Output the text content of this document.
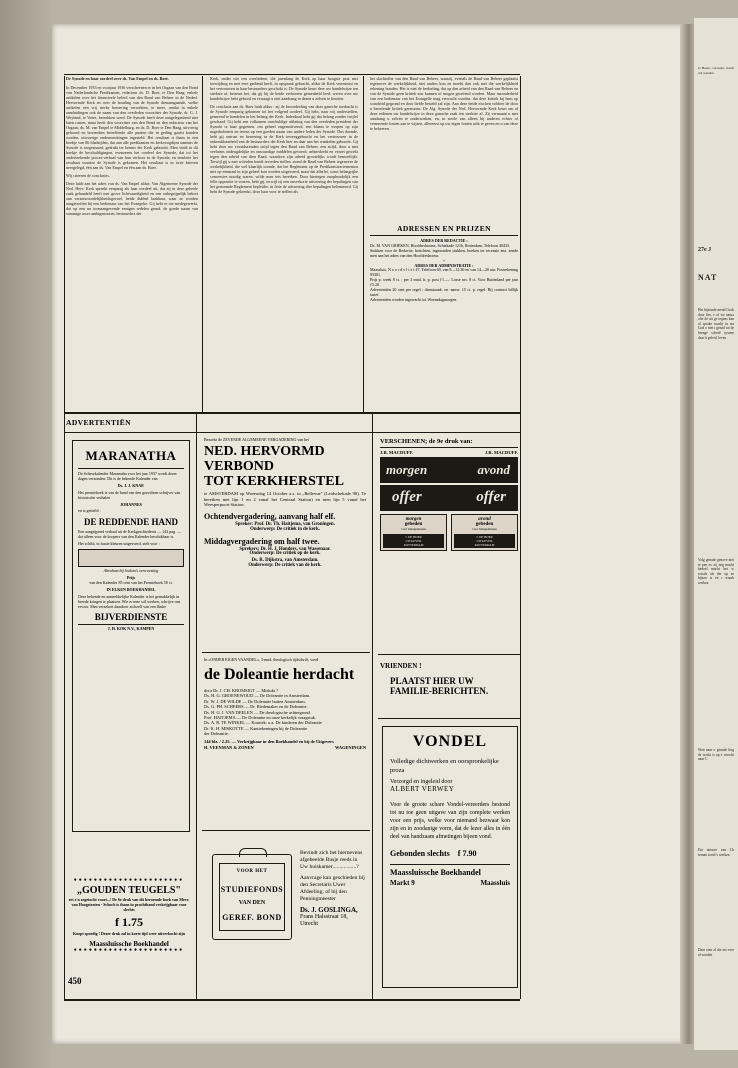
De Synode en haar oordeel over ds. Van Empel en ds. Boer.
In December 1935 en voorjaar 1936 verscheenen er in het Orgaan van den Bond van Nederlandsche Predikanten, redacteur ds. D. Boer, te Den Haag, enkele artikelen over het financieele beleid van den Raad van Beheer in de Nederl. Hervormde Kerk en over de houding van de Synode dienaangaande, welke artikelen een vrij sterke beroering verwekten, te meer, omdat in enkele aanduidingen ook de naam van den overleden voorzitter der Synode, dr. G. J. Weyland, te Veere, betrokken werd. De Synode heeft deze aangelegenheid niet laten rusten, maar heeft den voorzitter van den Bond en den redacteur van het Orgaan, ds. M. van Empel te Middelburg, en ds. D. Boer te Den Haag, uitvoerig gehoord en bovendien betreffende alle punten die in geding gaafst konden worden, uitvoerige ondermeokingen ingesteld. Het resultaat is thans in een boekje van 86 bladzijden, dat aan alle predikanten en kerkvoogdijen namens de Synode is toegestuurd, gedrukt ter kennis der Kerk gebracht. Men vindt in dit boekje de beschuldigingen, evenzeens het oordeel der Synode, dat tot het onderteekende proces-verbaal van hun verhoor in de Synode, en tenslotte het resultaat waartoe de Synode is gekomen. Het resultaat is in twee brieven neergelegd, één aan ds. Van Empel en één aan ds. Boer.
Wij citeeren de conclusies.
Deze luidt aan het adres van ds. Van Empel aldus: Van Algemeene Synode der Ned. Herv. Kerk spreekt eenparig als haar oordeel uit, dat zij in dere geheele zaak gehandeld heeft met grove lichtvaardigheid en een onbegrijpelijk bekort aan verantwoordelijkheidsgevoel, beide dubbel laakbaar, waar ze worden aangetroffen bij een bedienaar van het Evangelie. Gij hebt er toe medegewerkt, dat op een nu toonaangevende eenigen redelen grond, de goede naam van sommige uwer ambtgenooten, bestuurders der
Kerk, onder wie een overledene, die jarenlang de Kerk op haar hoogste post met toewijding en met eere gediend heeft, in opspraak gebracht, aldus de Kerk verontrust en het vertrouwen in haar bestuurders geschokt is. De Synode keurt dere uw handelwijze ten sterkste af, betreurt het, dat gij bij de beide verhooren gemeubeld leed: weren over uw handelwijze hebt gebood en verraagt u niet aandrang in dezen u zelven te herzien.
De conclusie aan ds. Boer luidt aldus : zij de beoordeeling van deze ganeche toedracht is de Synode eenparig gekomen tot het volgend oordeel. Gij hebt, naar wij onderstellen, gemeend te handelen in het belang der Kerk. Inderdaad hebt gij dat belang zonder twijfel geschaad. Gij hebt een volkomen onschuldige uitlating van den overleden president der Synode te haar gegrenen, om geheel ongemotiveerd, een blaam te werpen op zijn nagedachtenis en terens op een goeden naam van andere leden der Synode. Dus doende, hebt gij ontrust en beroering in de Kerk teweeggebracht en het vertrouwen in de onkreukbaarheid van de bestuurders der Kerk hier en daar aan het wankelen gebracht. Gij hebt door uw voortdurenden strijd tegen den Raad van Beheer, een strijd, door u met veelaims ondeugdelijke en onwaardige middelen gevoerd, aehterdoeht en verzet gewekt tegen den arbeid van dien Raad, waardoor zijn arbeid grootelijks wordt bemoeilijkt. Terwijl gij u met wöórden kondt tevreden stellen, stond de Raad van Beheer tegenover de werkelijkheid, die wel klaarlijk toonde, dat het Reglement op de Predikantstractementen niet op eenmaal in zijn geheel kon worden uitgevoerd, maar dat allerlei, soms belangrijke conoessies noodig waren, wilde men iets bereiken. Door hiertegen onophoudelijk een felle oppositie te voeren, hebt gij, terwijl zij een onverkorte uitvoering der bepalingen van het genoemde Reglement bepleitbe, in feite de uitvoering dier bepalingen belemmerd. Gij hebt de Synode gekrenkt, door haar voor te stellen als
het slachtoffer van den Raad van Beheer, waarzij, evenals de Raad van Beheer geplaatst tegenover de werkelijkheid, niet anders kon en moeht dan ook met die werkelijkheid rekening houden. Het is niet de bedoeling, dat op den arbeid van den Raad van Beheer en van de Synode geen kritiek zou kunnen of mogen geoefend worden. Maar inzonderheid van een bedienaar van het Evangelie mag verwacht worden, dat dere kritiek bij hem op waarheid gegrond en door liefde besteld zal zijn. Aan deze beide eischen voldoet de door u beoefende kritiek geenszins. De Alg. Synode der Ned. Hervormde Kerk keurt om al deze redenen uw handelwijze in deze ganache zaak ten sterkste af. Zij vermaant u met aandrang u zelven te onderzoeken, en, in steele van alleen bij anderen echter of vermeende fouten aan te wijzen, allereerst op uw eigen fouten acht te geven en u van deze te bekeeren.
ADRESSEN EN PRIJZEN
ADRES DER REDACTIE :
Ds. M. VAN GRIEKEN, Hoofdredacteur, Schiekade 121b, Rotterdam, Telefoon 40433.
Stukken voor de Redactie, berichten, ingezonden stukken, boeken ter recensie enz. zende men aan het adres van den Hoofdredacteur.
+
ADRES DER ADMINISTRATIE :
Maassluis, N o o r d v l i e t 47, Telefoon 69, van 8—12.30 en van 14—20 uur. Postrekening 93301.
Prijs p. week 8 ct. ; per 3 mnd. fr. p. post ƒ1.—. Losse nrs. 8 ct. Voor Buitenland per jaar ƒ5.20.
Advertentiën 20 cent per regel ; dienstaanb. en -aanvr. 15 ct. p. regel. Bij contract billijk tarief.
Advertentiën worden ingewacht tot Woensdagmorgen.
ADVERTENTIËN
MARANATHA
De Scheurkalender Maranatha voor het jaar 1937 wordt dezer dagen verzonden. Dit is de bekende Kalender van
Ds. J. J. KNAP.
Het premieboek is van de hand van den gezochten schrijver van historische verhalen
JOHANNES
en is getiteld :
DE REDDENDE HAND
Een aangrijpend verhaal uit de Kerkgeschiedenis — 142 pag. — dat alleen voor de koopers van den Kalender beschikbaar is.
Het schild, in fraaie kleuren uitgevoerd, stelt voor :
Abraham bij Sodom's verwoesting
Prijs
van den Kalender 85 cent van het Premieboek 50 ct.
IN ELKEN BOEKHANDEL
Deze bekende en aantrekkelijke Kalender is het gemakkelijk in breede kringen te plaatsen. Wie er mee wil werken, schrijve ons ervoor. Men verzekert daardoor zichzelf van een flinke
BIJVERDIENSTE
J. H. KOK N.V., KAMPEN
●●●●●●●●●●●●●●●●●●●●●●
„GOUDEN TEUGELS"
zet z'n zegetocht voort...! De 6e druk van dit beroemde boek van Mevr. van Hoogstraten - Schoch is thans in prachtband verkrijgbaar voor slechts
f 1.75
Koopt spoedig ! Dezer druk zal in korte tijd weer uitverkocht zijn
Maassluissche Boekhandel
●●●●●●●●●●●●●●●●●●●●●●
450
Bezoekt de ZEVENDE ALGEMEENE VERGADERING van het
NED. HERVORMD VERBOND
TOT KERKHERSTEL
te AMSTERDAM op Woensdag 14 October a.s. in „Bellevue" (Leidschekade 90). Te bereiken met lijn 1 en 2 vanaf het Centraal Station) en men lijn 5 vanaf het Weesperpoort Station.
Ochtendvergadering, aanvang half elf.
Spreker: Prof. Dr. Th. Haitjema, van Groningen.
Onderwerp: De critiek in de kerk.
Middagvergadering om half twee.
Sprekers: Dr. H. J. Honders, van Wassenaar.
Onderwerp: De critiek op de kerk.
Ds. R. Dijkstra, van Amsterdam.
Onderwerp: De critiek van de kerk.
In »ONDER EIGEN VAANDEL«, 3-mnd. theologisch tijdschrift, werd
de Doleantie herdacht
door Dr. J. CH. KROMSIGT — Mislukt ?
Ds. H. G. GROENEWOUD — De Doleantie in Amsterdam.
Dr. W. J. DE WILDE — De Doleantie buiten Amsterdam.
Ds. G. PH. SCHEERS — Dr. Biedemaker en de Doleantie.
Ds. H. G. J. VAN DEELEN — De theologische achtergrond.
Prof. HAITJEMA — De Doleantie en onze kerkelijk vraagstuk.
Ds. A. B. TE WINKEL — Kroniek: o.a. De kinderen der Doleantie
Dr. K. H. MISKOTTE — Kanttekeningen bij de Doleantie
der Doleantie.
144 blz. / 2.25. — Verkrijgbaar in den Boekhandel en bij de Uitgevers
H. VEENMAN & ZONEN	WAGENINGEN
VOOR HET
STUDIEFONDS
VAN DEN
GEREF. BOND
Bevindt zich het hiernevens afgebeelde Busje reeds in Uw huiskamer.................?
Aanvrage kan geschieden bij den Secretaris Uwer Afdeeling; of bij den Penningmeester
Ds. J. GOSLINGA,
Frans Halsstraat 18, Utrecht
VERSCHENEN; de 9e druk van:
J.R. MACDUFF.	J.R. MACDUFF.
morgen	avond
offer	offer
morgen
gebeden
voor huisgezinnen
J. DE BOER
UITGEVER
ROTTERDAM
avond
gebeden
voor huisgezinnen
J. DE BOER
UITGEVER
ROTTERDAM
VRIENDEN !
PLAATST HIER UW
FAMILIE-BERICHTEN.
VONDEL
Volledige dichtwerken en oorspronkelijke proza
Verzorgd en ingeleid door
ALBERT VERWEY
Voor de groote schare Vondel-vereerders bestond tot nu toe geen uitgave van zijn complete werken voor een prijs, welke voor niemand bezwaar kon zijn en in zoodanige vorm, dat de lezer alles in één deel van handzaam afmetingen bijeen vond.
Gebonden slechts f 7.90
Maassluissche Boekhandel
Markt 9	Maassluis
O Heere, verander, houdt wij wenden
27e J
NAT
Het bijzonde mend Gods door lies, e of we natuu olie de uit ge tegens kan al sprake tuurlij in sta God o niet t genad tot de brenge scheid system daar h geleid, leven
Volg genade genove niet te pen ev zij neg macht bedoel macht het w zooals als der op ze bijzon is en r waarb werkza
Wan naar o genade ling de werks is op e verschi naar C
Ein nieuwe van Ch ternati tooid v werkza
Daar zien al die mi over al worden
